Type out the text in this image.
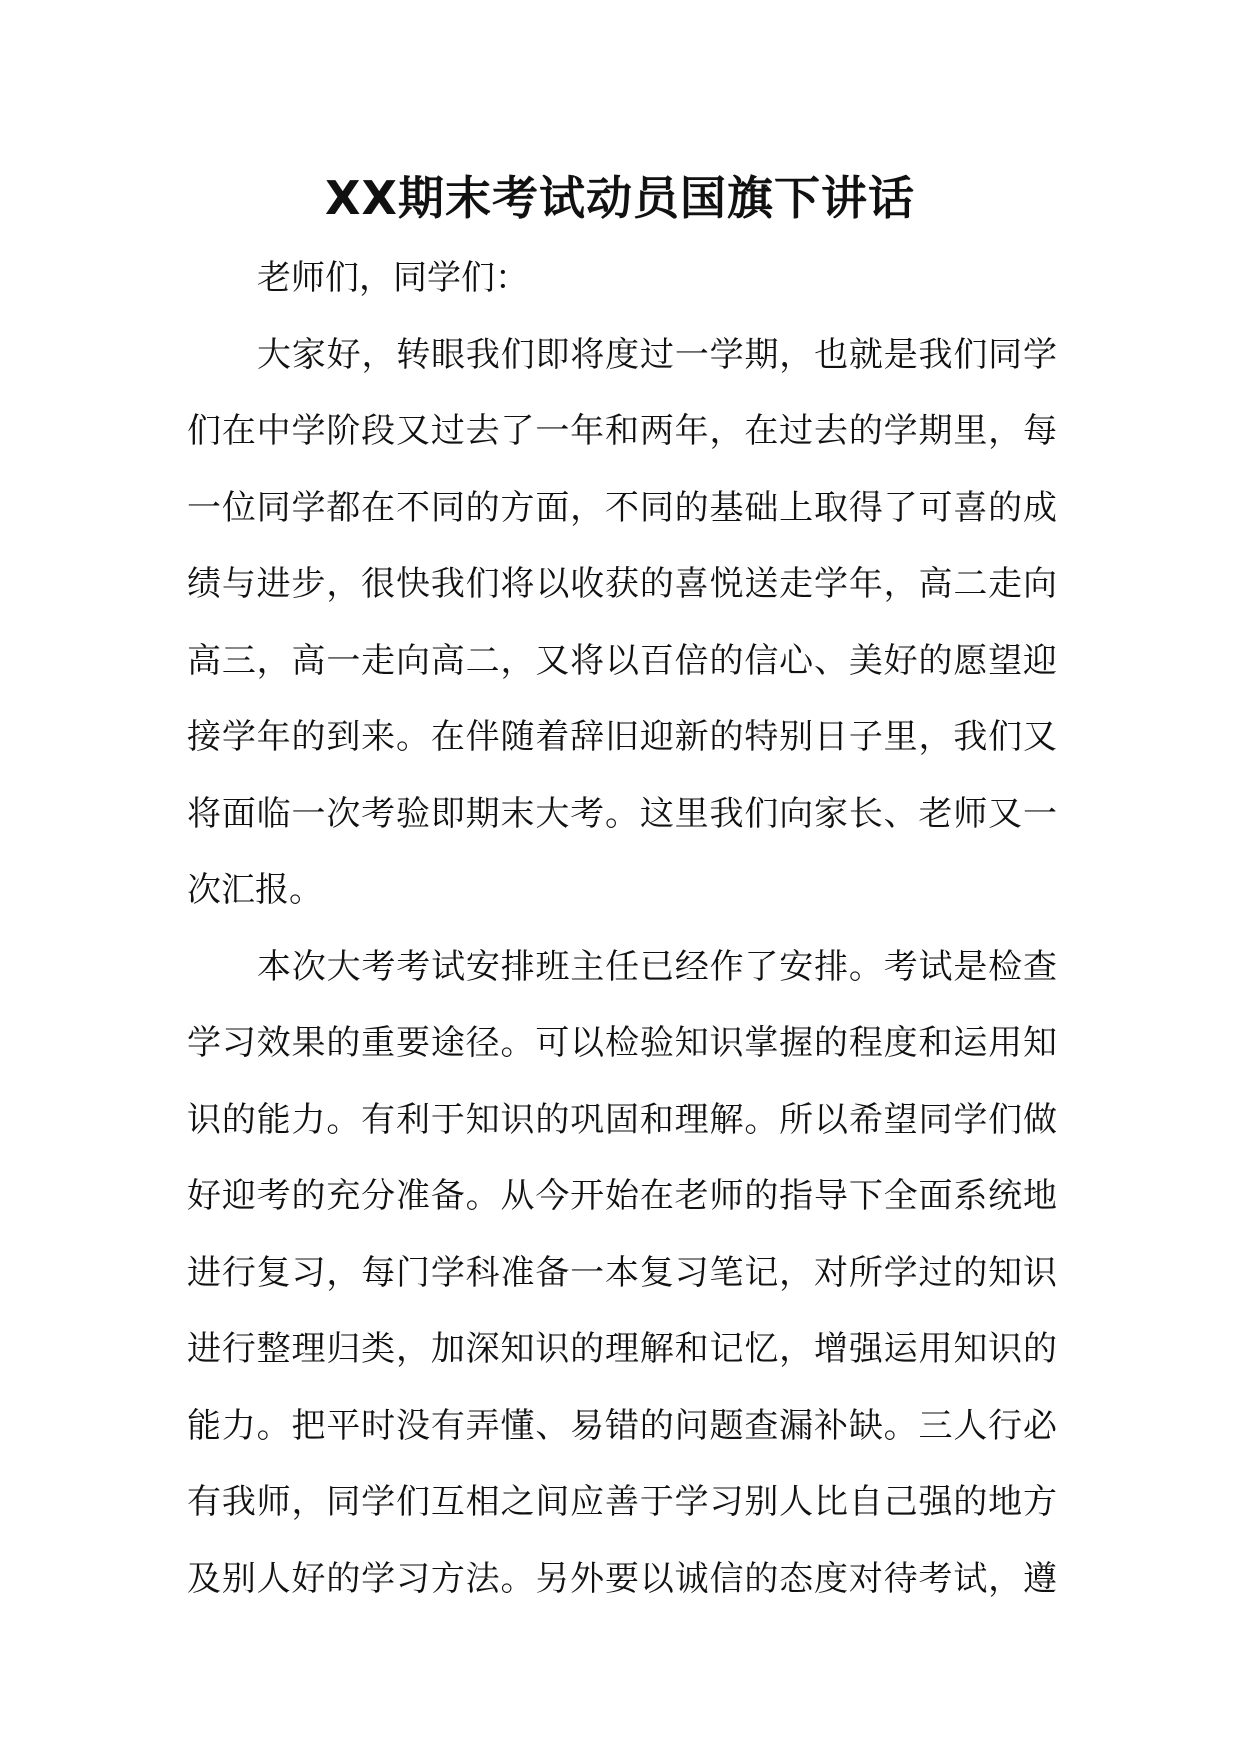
XX期末考试动员国旗下讲话
老师们，同学们：
大家好，转眼我们即将度过一学期，也就是我们同学
们在中学阶段又过去了一年和两年，在过去的学期里，每
一位同学都在不同的方面，不同的基础上取得了可喜的成
绩与进步，很快我们将以收获的喜悦送走学年，高二走向
高三，高一走向高二，又将以百倍的信心、美好的愿望迎
接学年的到来。在伴随着辞旧迎新的特别日子里，我们又
将面临一次考验即期末大考。这里我们向家长、老师又一
次汇报。
本次大考考试安排班主任已经作了安排。考试是检查
学习效果的重要途径。可以检验知识掌握的程度和运用知
识的能力。有利于知识的巩固和理解。所以希望同学们做
好迎考的充分准备。从今开始在老师的指导下全面系统地
进行复习，每门学科准备一本复习笔记，对所学过的知识
进行整理归类，加深知识的理解和记忆，增强运用知识的
能力。把平时没有弄懂、易错的问题查漏补缺。三人行必
有我师，同学们互相之间应善于学习别人比自己强的地方
及别人好的学习方法。另外要以诚信的态度对待考试，遵
